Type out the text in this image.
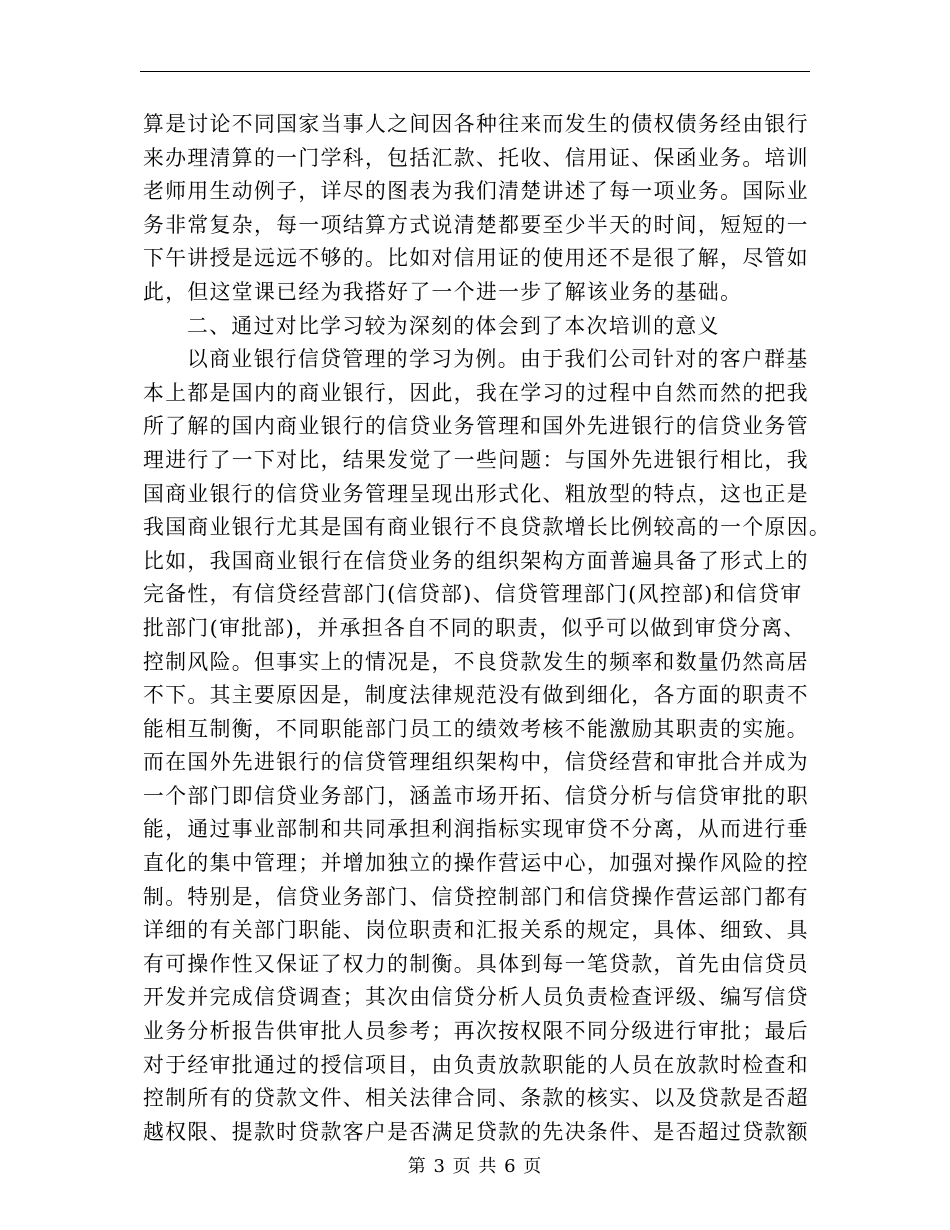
算是讨论不同国家当事人之间因各种往来而发生的债权债务经由银行
来办理清算的一门学科，包括汇款、托收、信用证、保函业务。培训
老师用生动例子，详尽的图表为我们清楚讲述了每一项业务。国际业
务非常复杂，每一项结算方式说清楚都要至少半天的时间，短短的一
下午讲授是远远不够的。比如对信用证的使用还不是很了解，尽管如
此，但这堂课已经为我搭好了一个进一步了解该业务的基础。
二、通过对比学习较为深刻的体会到了本次培训的意义
以商业银行信贷管理的学习为例。由于我们公司针对的客户群基
本上都是国内的商业银行，因此，我在学习的过程中自然而然的把我
所了解的国内商业银行的信贷业务管理和国外先进银行的信贷业务管
理进行了一下对比，结果发觉了一些问题：与国外先进银行相比，我
国商业银行的信贷业务管理呈现出形式化、粗放型的特点，这也正是
我国商业银行尤其是国有商业银行不良贷款增长比例较高的一个原因。
比如，我国商业银行在信贷业务的组织架构方面普遍具备了形式上的
完备性，有信贷经营部门(信贷部)、信贷管理部门(风控部)和信贷审
批部门(审批部)，并承担各自不同的职责，似乎可以做到审贷分离、
控制风险。但事实上的情况是，不良贷款发生的频率和数量仍然高居
不下。其主要原因是，制度法律规范没有做到细化，各方面的职责不
能相互制衡，不同职能部门员工的绩效考核不能激励其职责的实施。
而在国外先进银行的信贷管理组织架构中，信贷经营和审批合并成为
一个部门即信贷业务部门，涵盖市场开拓、信贷分析与信贷审批的职
能，通过事业部制和共同承担利润指标实现审贷不分离，从而进行垂
直化的集中管理；并增加独立的操作营运中心，加强对操作风险的控
制。特别是，信贷业务部门、信贷控制部门和信贷操作营运部门都有
详细的有关部门职能、岗位职责和汇报关系的规定，具体、细致、具
有可操作性又保证了权力的制衡。具体到每一笔贷款，首先由信贷员
开发并完成信贷调查；其次由信贷分析人员负责检查评级、编写信贷
业务分析报告供审批人员参考；再次按权限不同分级进行审批；最后
对于经审批通过的授信项目，由负责放款职能的人员在放款时检查和
控制所有的贷款文件、相关法律合同、条款的核实、以及贷款是否超
越权限、提款时贷款客户是否满足贷款的先决条件、是否超过贷款额
第 3 页 共 6 页
